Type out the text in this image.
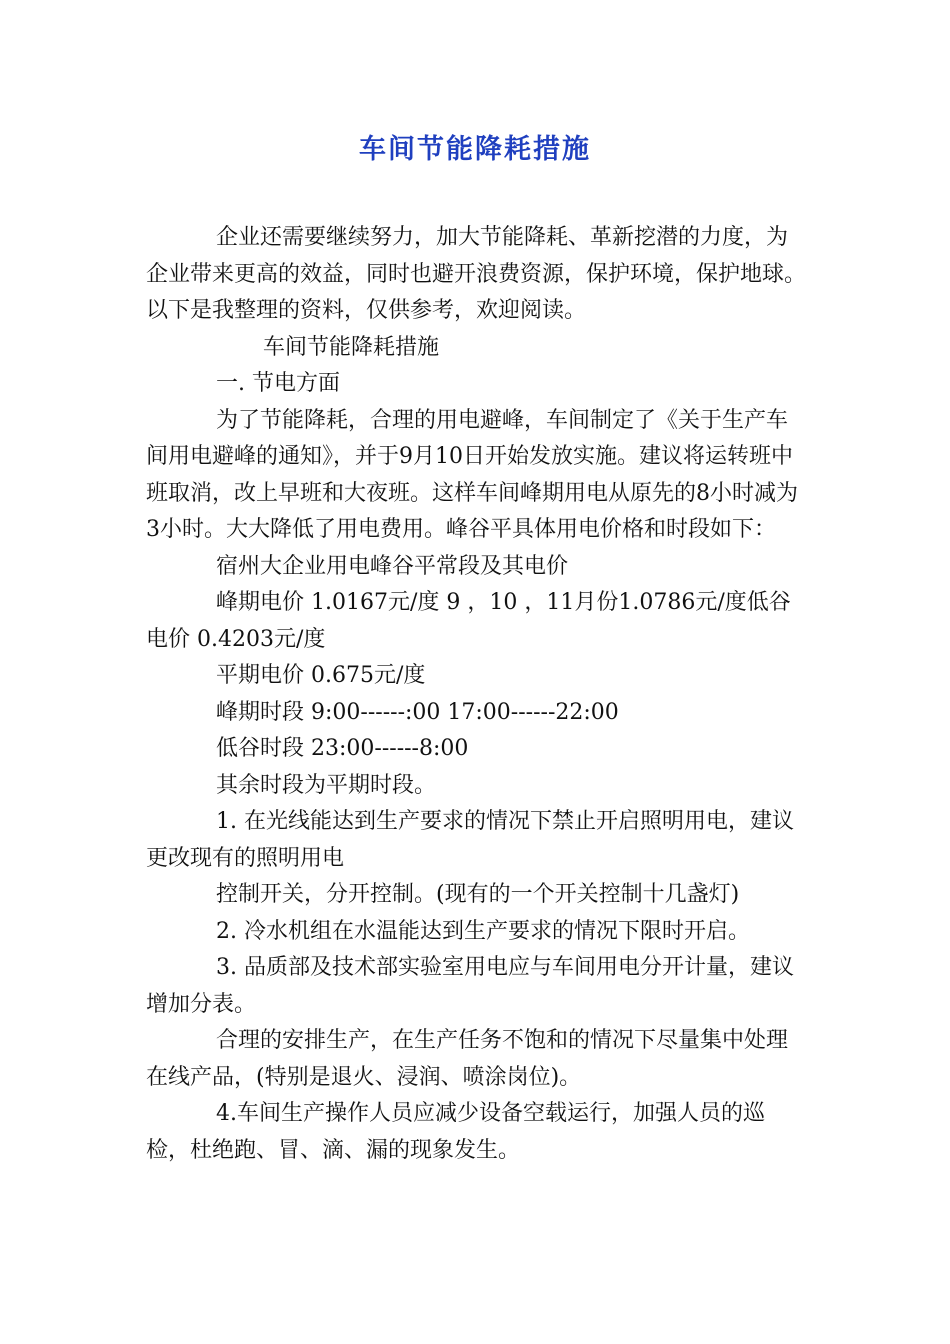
车间节能降耗措施

企业还需要继续努力，加大节能降耗、革新挖潜的力度，为企业带来更高的效益，同时也避开浪费资源，保护环境，保护地球。以下是我整理的资料，仅供参考，欢迎阅读。

车间节能降耗措施

一. 节电方面

为了节能降耗，合理的用电避峰，车间制定了《关于生产车间用电避峰的通知》，并于9月10日开始发放实施。建议将运转班中班取消，改上早班和大夜班。这样车间峰期用电从原先的8小时减为3小时。大大降低了用电费用。峰谷平具体用电价格和时段如下：

宿州大企业用电峰谷平常段及其电价

峰期电价 1.0167元/度 9 ，10 ，11月份1.0786元/度低谷电价 0.4203元/度

平期电价 0.675元/度

峰期时段 9:00------:00 17:00------22:00

低谷时段 23:00------8:00

其余时段为平期时段。

1. 在光线能达到生产要求的情况下禁止开启照明用电，建议更改现有的照明用电

控制开关，分开控制。(现有的一个开关控制十几盏灯)

2. 冷水机组在水温能达到生产要求的情况下限时开启。

3. 品质部及技术部实验室用电应与车间用电分开计量，建议增加分表。

合理的安排生产，在生产任务不饱和的情况下尽量集中处理在线产品，(特别是退火、浸润、喷涂岗位)。

4.车间生产操作人员应减少设备空载运行，加强人员的巡检，杜绝跑、冒、滴、漏的现象发生。
